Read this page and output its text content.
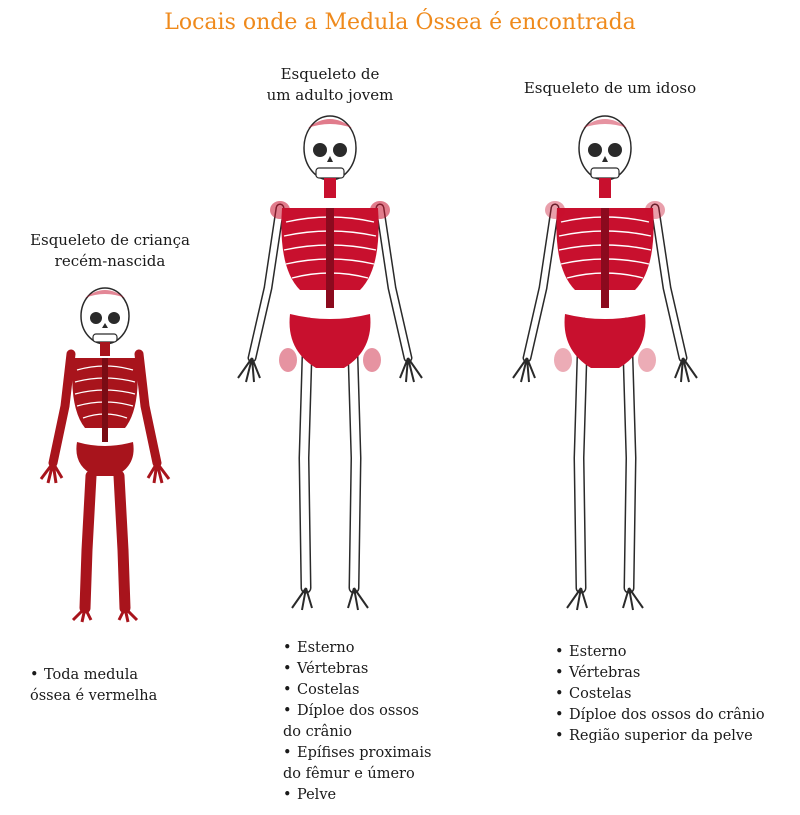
Locais onde a Medula Óssea é encontrada
Esqueleto de criança
recém-nascida
Esqueleto de
um adulto jovem	Esqueleto de um idoso
• Toda medula
óssea é vermelha
• Esterno
• Vértebras
• Costelas
• Díploe dos ossos
do crânio
• Epífises proximais
do fêmur e úmero
• Pelve
• Esterno
• Vértebras
• Costelas
• Díploe dos ossos do crânio
• Região superior da pelve
